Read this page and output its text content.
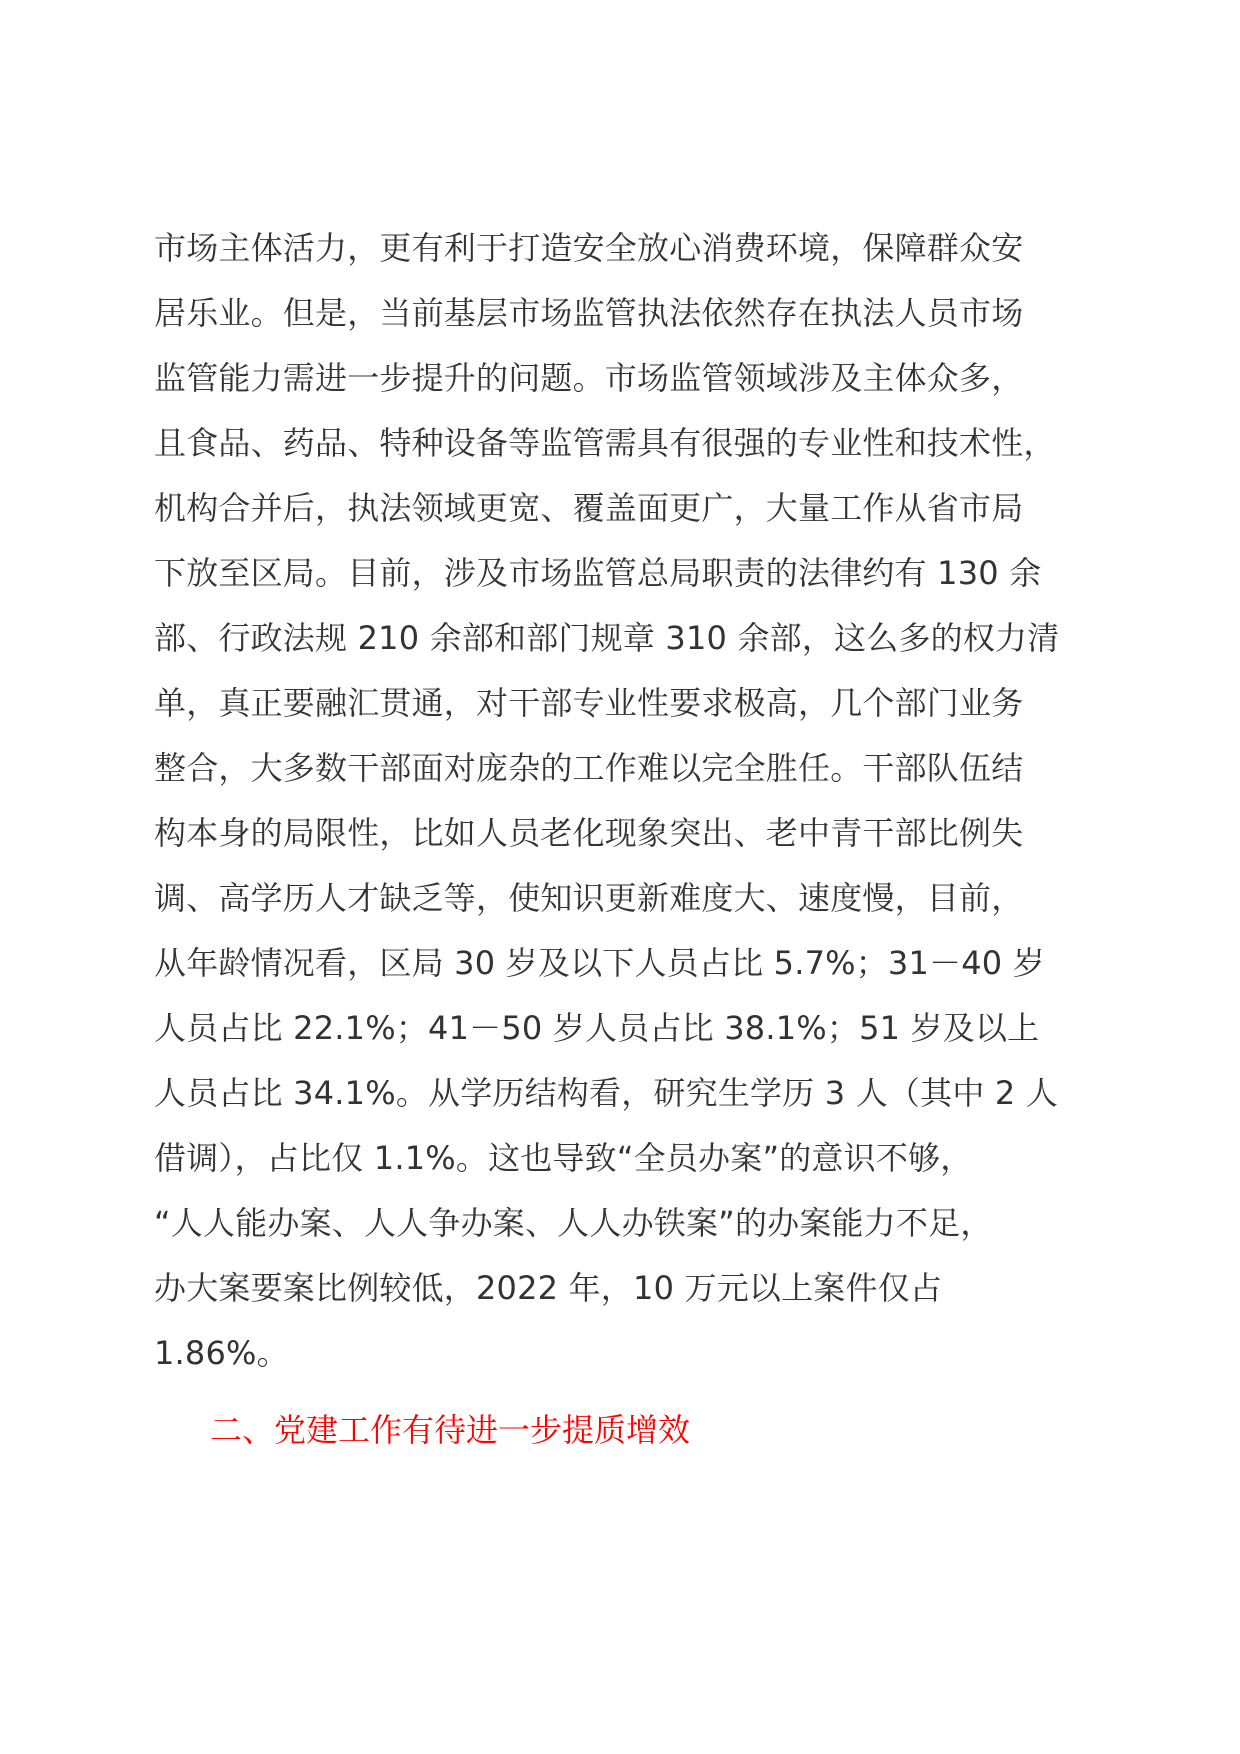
市场主体活力，更有利于打造安全放心消费环境，保障群众安
居乐业。但是，当前基层市场监管执法依然存在执法人员市场
监管能力需进一步提升的问题。市场监管领域涉及主体众多，
且食品、药品、特种设备等监管需具有很强的专业性和技术性，
机构合并后，执法领域更宽、覆盖面更广，大量工作从省市局
下放至区局。目前，涉及市场监管总局职责的法律约有 130 余
部、行政法规 210 余部和部门规章 310 余部，这么多的权力清
单，真正要融汇贯通，对干部专业性要求极高，几个部门业务
整合，大多数干部面对庞杂的工作难以完全胜任。干部队伍结
构本身的局限性，比如人员老化现象突出、老中青干部比例失
调、高学历人才缺乏等，使知识更新难度大、速度慢，目前，
从年龄情况看，区局 30 岁及以下人员占比 5.7%；31－40 岁
人员占比 22.1%；41－50 岁人员占比 38.1%；51 岁及以上
人员占比 34.1%。从学历结构看，研究生学历 3 人（其中 2 人
借调），占比仅 1.1%。这也导致“全员办案”的意识不够，
“人人能办案、人人争办案、人人办铁案”的办案能力不足，
办大案要案比例较低，2022 年，10 万元以上案件仅占
1.86%。
二、党建工作有待进一步提质增效
